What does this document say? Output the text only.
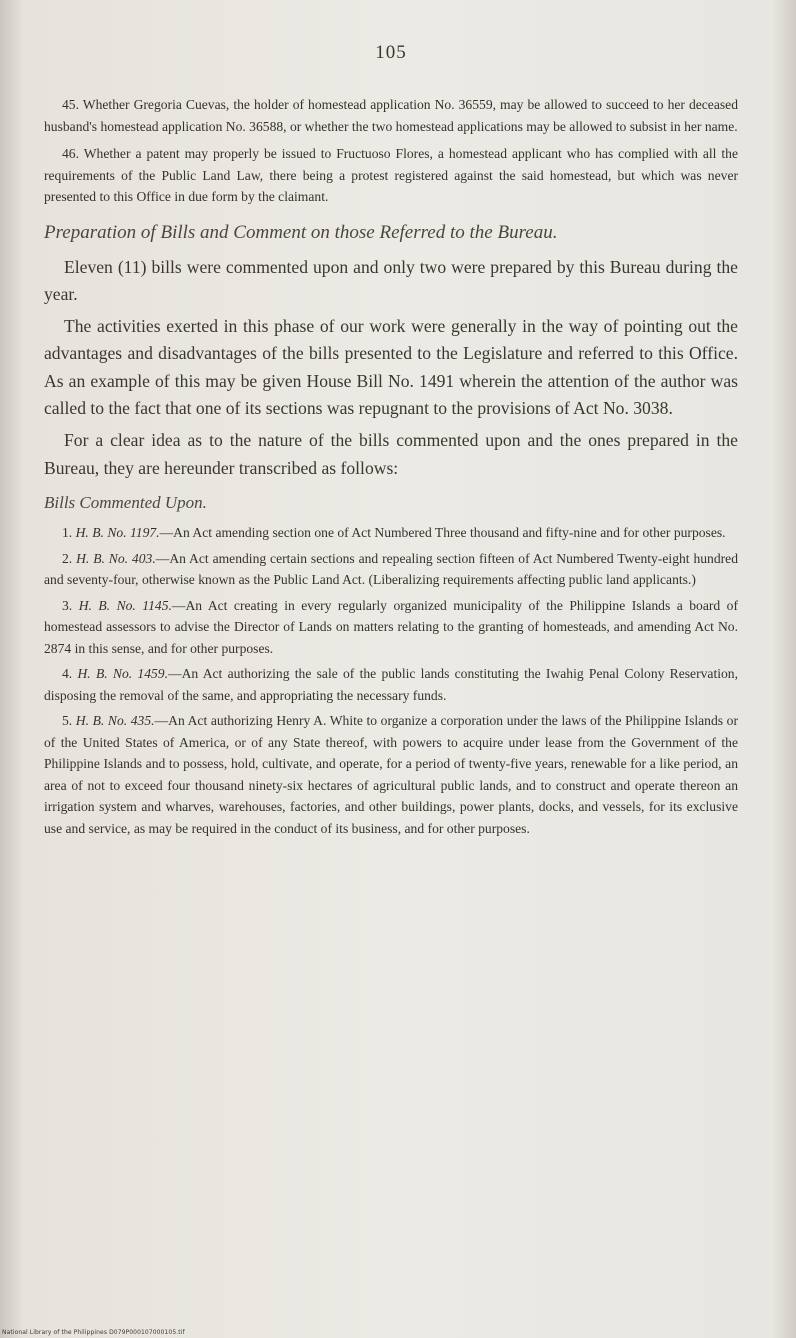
105

45. Whether Gregoria Cuevas, the holder of homestead application No. 36559, may be allowed to succeed to her deceased husband's homestead application No. 36588, or whether the two homestead applications may be allowed to subsist in her name.

46. Whether a patent may properly be issued to Fructuoso Flores, a homestead applicant who has complied with all the requirements of the Public Land Law, there being a protest registered against the said homestead, but which was never presented to this Office in due form by the claimant.

Preparation of Bills and Comment on those Referred to the Bureau.

Eleven (11) bills were commented upon and only two were prepared by this Bureau during the year.

The activities exerted in this phase of our work were generally in the way of pointing out the advantages and disadvantages of the bills presented to the Legislature and referred to this Office. As an example of this may be given House Bill No. 1491 wherein the attention of the author was called to the fact that one of its sections was repugnant to the provisions of Act No. 3038.

For a clear idea as to the nature of the bills commented upon and the ones prepared in the Bureau, they are hereunder transcribed as follows:

Bills Commented Upon.

1. H. B. No. 1197.—An Act amending section one of Act Numbered Three thousand and fifty-nine and for other purposes.

2. H. B. No. 403.—An Act amending certain sections and repealing section fifteen of Act Numbered Twenty-eight hundred and seventy-four, otherwise known as the Public Land Act. (Liberalizing requirements affecting public land applicants.)

3. H. B. No. 1145.—An Act creating in every regularly organized municipality of the Philippine Islands a board of homestead assessors to advise the Director of Lands on matters relating to the granting of homesteads, and amending Act No. 2874 in this sense, and for other purposes.

4. H. B. No. 1459.—An Act authorizing the sale of the public lands constituting the Iwahig Penal Colony Reservation, disposing the removal of the same, and appropriating the necessary funds.

5. H. B. No. 435.—An Act authorizing Henry A. White to organize a corporation under the laws of the Philippine Islands or of the United States of America, or of any State thereof, with powers to acquire under lease from the Government of the Philippine Islands and to possess, hold, cultivate, and operate, for a period of twenty-five years, renewable for a like period, an area of not to exceed four thousand ninety-six hectares of agricultural public lands, and to construct and operate thereon an irrigation system and wharves, warehouses, factories, and other buildings, power plants, docks, and vessels, for its exclusive use and service, as may be required in the conduct of its business, and for other purposes.

National Library of the Philippines D079P000107000105.tif
